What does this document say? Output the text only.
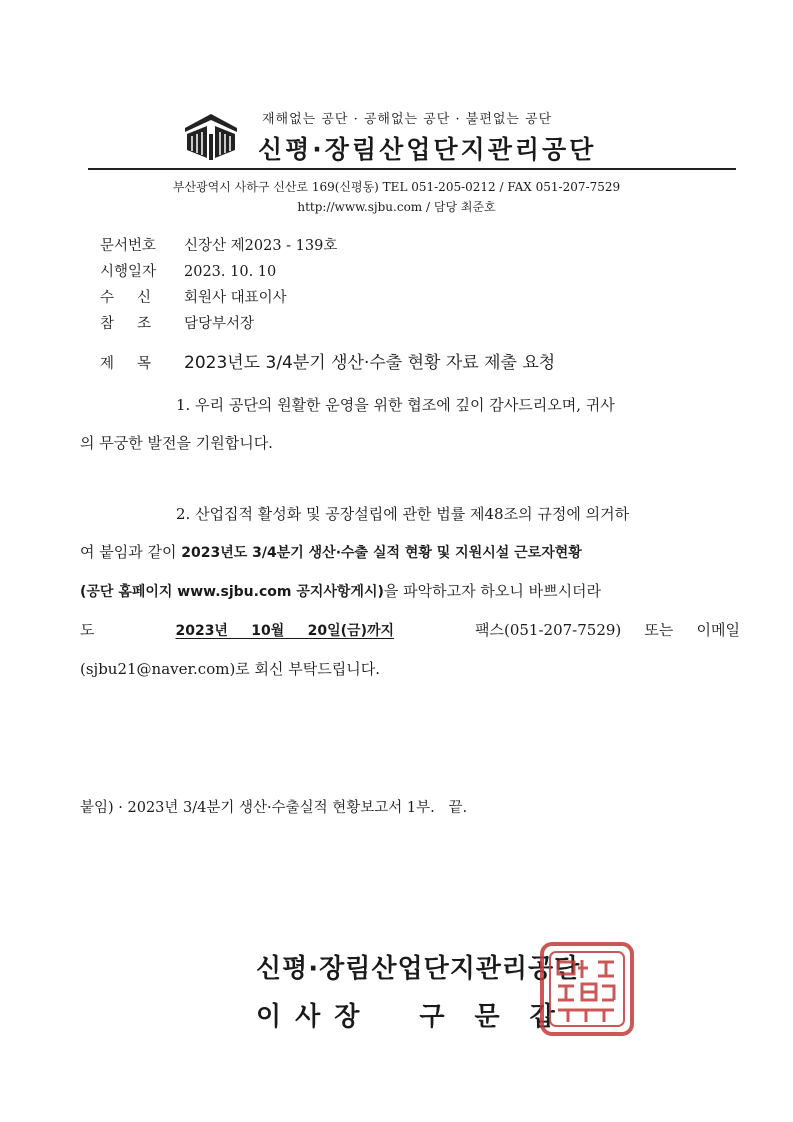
재해없는 공단 · 공해없는 공단 · 불편없는 공단
신평·장림산업단지관리공단
부산광역시 사하구 신산로 169(신평동) TEL 051-205-0212 / FAX 051-207-7529
http://www.sjbu.com / 담당 최준호
문서번호 신장산 제2023 - 139호
시행일자 2023. 10. 10
수     신 회원사 대표이사
참     조 담당부서장
제     목 2023년도 3/4분기 생산·수출 현황 자료 제출 요청

1. 우리 공단의 원활한 운영을 위한 협조에 깊이 감사드리오며, 귀사

의 무궁한 발전을 기원합니다.

2. 산업집적 활성화 및 공장설립에 관한 법률 제48조의 규정에 의거하

여 붙임과 같이 2023년도 3/4분기 생산·수출 실적 현황 및 지원시설 근로자현황

(공단 홈페이지 www.sjbu.com 공지사항게시)을 파악하고자 하오니 바쁘시더라

도	2023년  10월  20일(금)까지	팩스(051-207-7529)  또는  이메일

(sjbu21@naver.com)로 회신 부탁드립니다.

붙임) · 2023년 3/4분기 생산·수출실적 현황보고서 1부.   끝.
신평·장림산업단지관리공단
이사장 구문갑
